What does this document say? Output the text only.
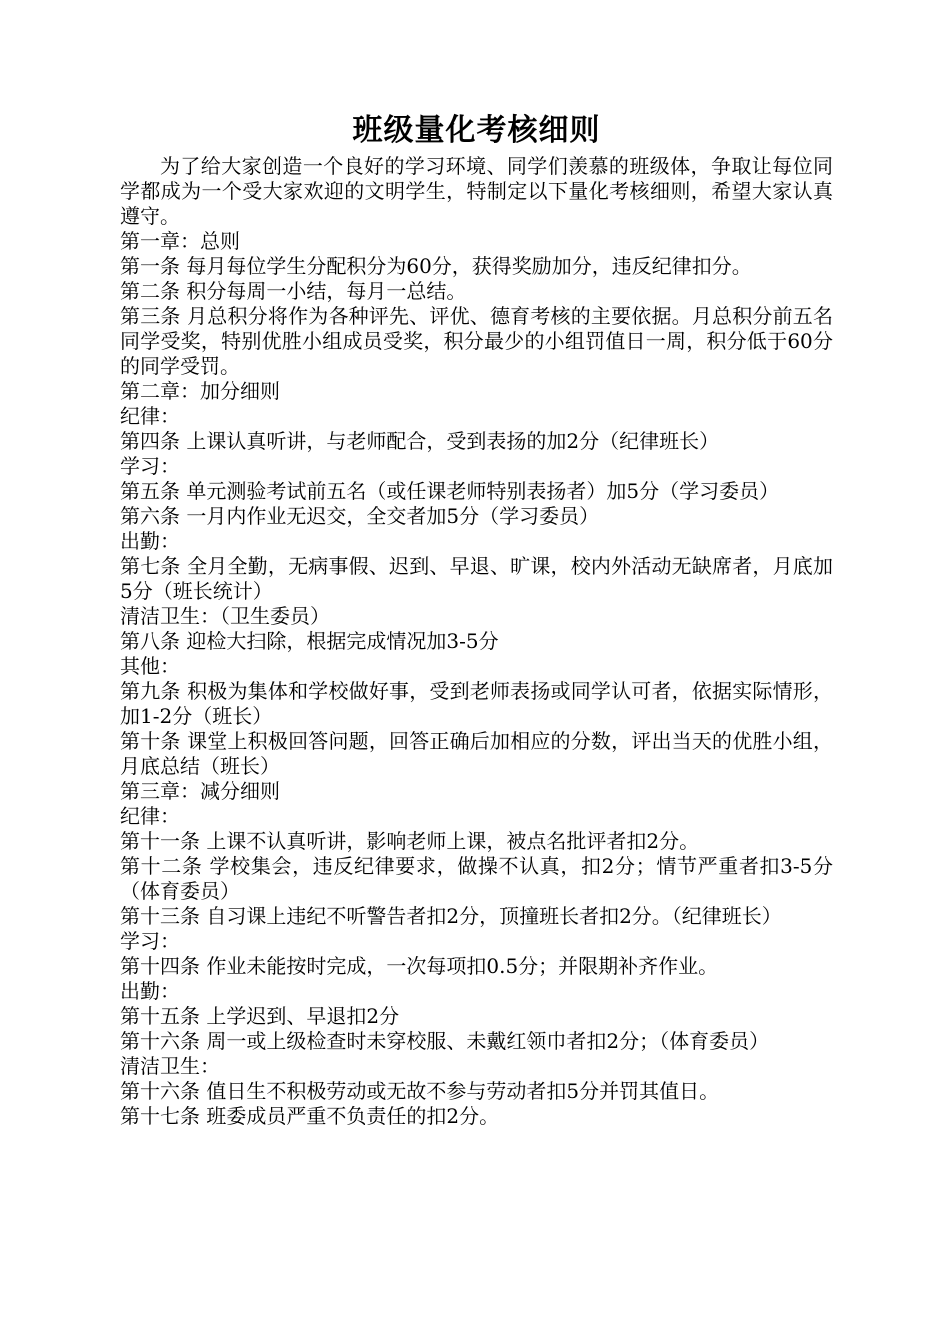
班级量化考核细则

为了给大家创造一个良好的学习环境、同学们羡慕的班级体，争取让每位同学都成为一个受大家欢迎的文明学生，特制定以下量化考核细则，希望大家认真遵守。

第一章：总则

第一条 每月每位学生分配积分为60分，获得奖励加分，违反纪律扣分。

第二条 积分每周一小结，每月一总结。

第三条 月总积分将作为各种评先、评优、德育考核的主要依据。月总积分前五名同学受奖，特别优胜小组成员受奖，积分最少的小组罚值日一周，积分低于60分的同学受罚。

第二章：加分细则

纪律：

第四条 上课认真听讲，与老师配合，受到表扬的加2分（纪律班长）

学习：

第五条 单元测验考试前五名（或任课老师特别表扬者）加5分（学习委员）

第六条 一月内作业无迟交，全交者加5分（学习委员）

出勤：

第七条 全月全勤，无病事假、迟到、早退、旷课，校内外活动无缺席者，月底加5分（班长统计）

清洁卫生：（卫生委员）

第八条 迎检大扫除，根据完成情况加3-5分

其他：

第九条 积极为集体和学校做好事，受到老师表扬或同学认可者，依据实际情形，加1-2分（班长）

第十条 课堂上积极回答问题，回答正确后加相应的分数，评出当天的优胜小组，月底总结（班长）

第三章：减分细则

纪律：

第十一条 上课不认真听讲，影响老师上课，被点名批评者扣2分。

第十二条 学校集会，违反纪律要求，做操不认真，扣2分；情节严重者扣3-5分（体育委员）

第十三条 自习课上违纪不听警告者扣2分，顶撞班长者扣2分。（纪律班长）

学习：

第十四条 作业未能按时完成，一次每项扣0.5分；并限期补齐作业。

出勤：

第十五条 上学迟到、早退扣2分

第十六条 周一或上级检查时未穿校服、未戴红领巾者扣2分；（体育委员）

清洁卫生：

第十六条 值日生不积极劳动或无故不参与劳动者扣5分并罚其值日。

第十七条 班委成员严重不负责任的扣2分。
